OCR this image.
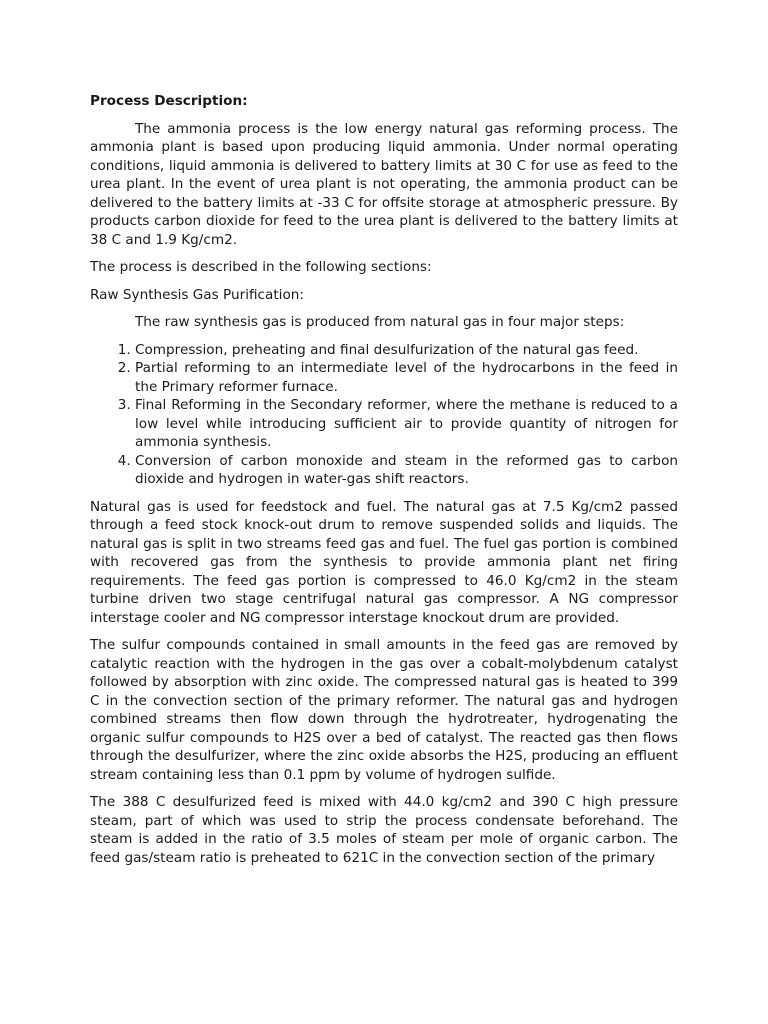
Process Description:

The ammonia process is the low energy natural gas reforming process. The ammonia plant is based upon producing liquid ammonia. Under normal operating conditions, liquid ammonia is delivered to battery limits at 30 C for use as feed to the urea plant. In the event of urea plant is not operating, the ammonia product can be delivered to the battery limits at -33 C for offsite storage at atmospheric pressure. By products carbon dioxide for feed to the urea plant is delivered to the battery limits at 38 C and 1.9 Kg/cm2.

The process is described in the following sections:

Raw Synthesis Gas Purification:

The raw synthesis gas is produced from natural gas in four major steps:

1. Compression, preheating and final desulfurization of the natural gas feed.
2. Partial reforming to an intermediate level of the hydrocarbons in the feed in the Primary reformer furnace.
3. Final Reforming in the Secondary reformer, where the methane is reduced to a low level while introducing sufficient air to provide quantity of nitrogen for ammonia synthesis.
4. Conversion of carbon monoxide and steam in the reformed gas to carbon dioxide and hydrogen in water-gas shift reactors.

Natural gas is used for feedstock and fuel. The natural gas at 7.5 Kg/cm2 passed through a feed stock knock-out drum to remove suspended solids and liquids. The natural gas is split in two streams feed gas and fuel. The fuel gas portion is combined with recovered gas from the synthesis to provide ammonia plant net firing requirements. The feed gas portion is compressed to 46.0 Kg/cm2 in the steam turbine driven two stage centrifugal natural gas compressor. A NG compressor interstage cooler and NG compressor interstage knockout drum are provided.

The sulfur compounds contained in small amounts in the feed gas are removed by catalytic reaction with the hydrogen in the gas over a cobalt-molybdenum catalyst followed by absorption with zinc oxide. The compressed natural gas is heated to 399 C in the convection section of the primary reformer. The natural gas and hydrogen combined streams then flow down through the hydrotreater, hydrogenating the organic sulfur compounds to H2S over a bed of catalyst. The reacted gas then flows through the desulfurizer, where the zinc oxide absorbs the H2S, producing an effluent stream containing less than 0.1 ppm by volume of hydrogen sulfide.

The 388 C desulfurized feed is mixed with 44.0 kg/cm2 and 390 C high pressure steam, part of which was used to strip the process condensate beforehand. The steam is added in the ratio of 3.5 moles of steam per mole of organic carbon. The feed gas/steam ratio is preheated to 621C in the convection section of the primary
